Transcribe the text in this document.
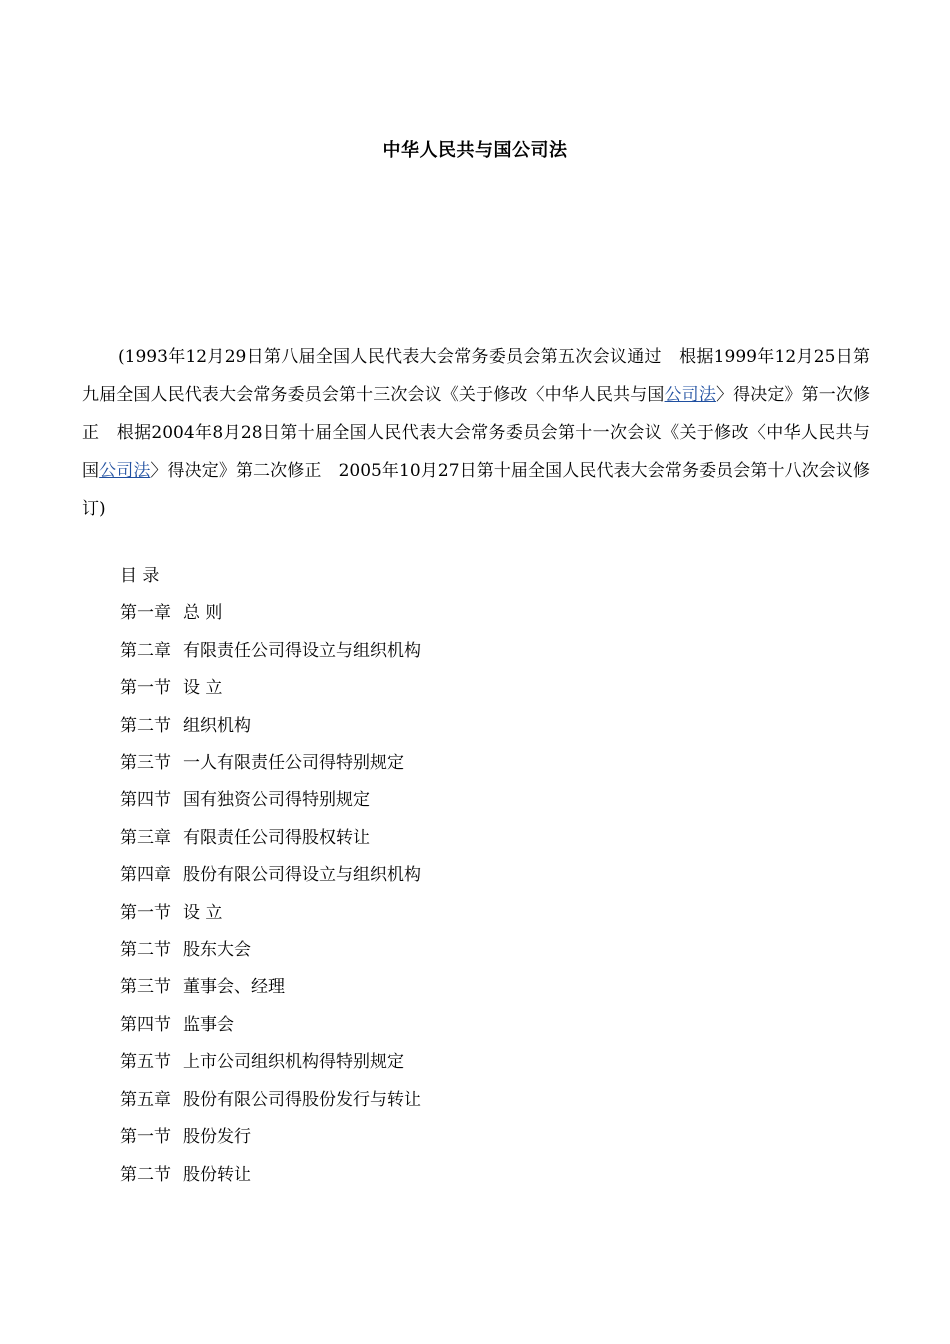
中华人民共与国公司法
(1993年12月29日第八届全国人民代表大会常务委员会第五次会议通过　根据1999年12月25日第九届全国人民代表大会常务委员会第十三次会议《关于修改〈中华人民共与国公司法〉得决定》第一次修正　根据2004年8月28日第十届全国人民代表大会常务委员会第十一次会议《关于修改〈中华人民共与国公司法〉得决定》第二次修正　2005年10月27日第十届全国人民代表大会常务委员会第十八次会议修订)
目 录
第一章 总 则
第二章 有限责任公司得设立与组织机构
第一节 设 立
第二节 组织机构
第三节 一人有限责任公司得特别规定
第四节 国有独资公司得特别规定
第三章 有限责任公司得股权转让
第四章 股份有限公司得设立与组织机构
第一节 设 立
第二节 股东大会
第三节 董事会、经理
第四节 监事会
第五节 上市公司组织机构得特别规定
第五章 股份有限公司得股份发行与转让
第一节 股份发行
第二节 股份转让
